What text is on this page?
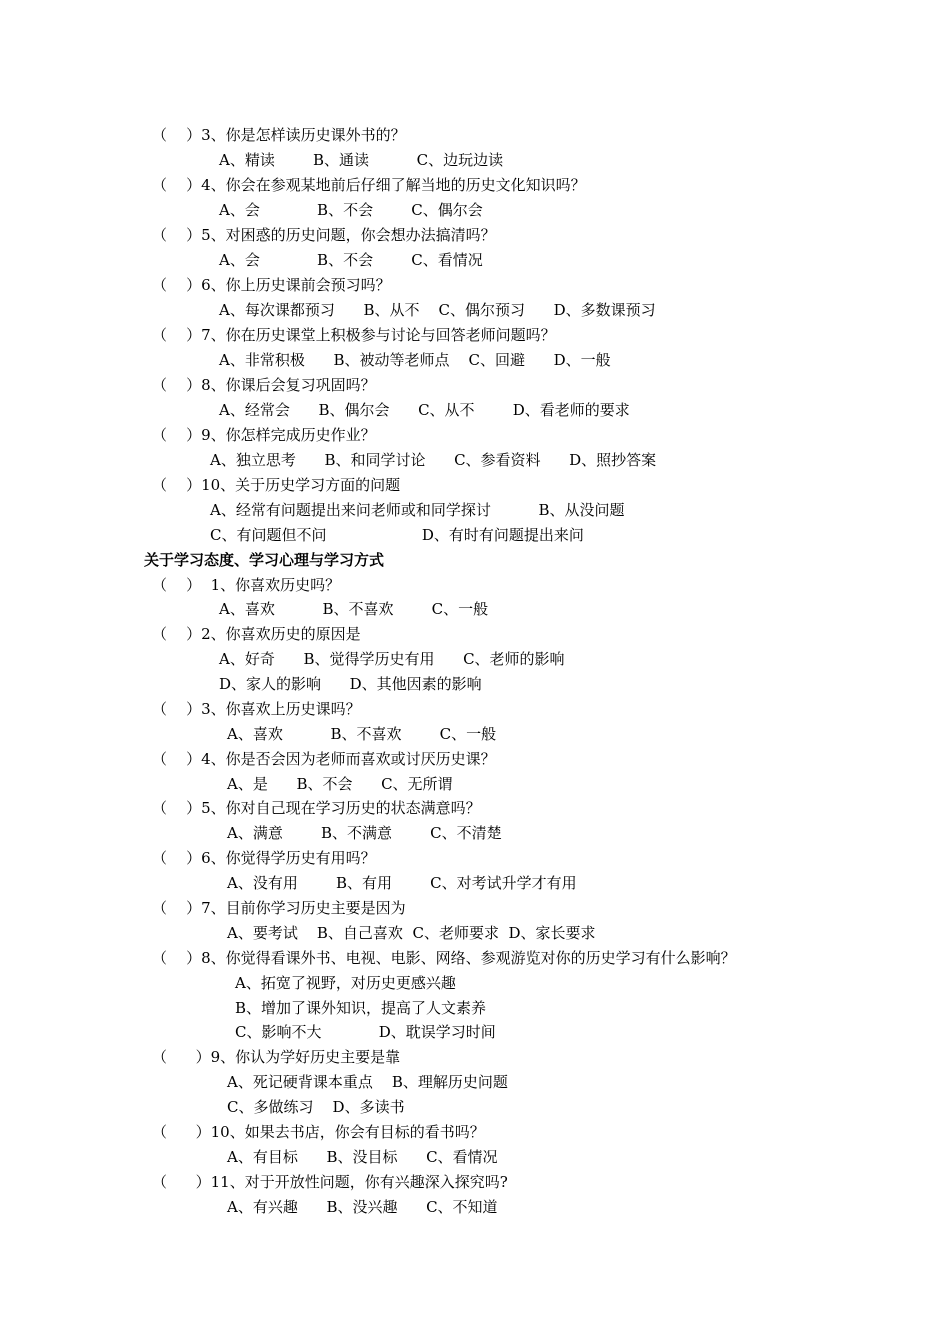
（    ）3、你是怎样读历史课外书的？
A、精读        B、通读          C、边玩边读
（    ）4、你会在参观某地前后仔细了解当地的历史文化知识吗？
A、会            B、不会        C、偶尔会
（    ）5、对困惑的历史问题，你会想办法搞清吗？
A、会            B、不会        C、看情况
（    ）6、你上历史课前会预习吗？
A、每次课都预习      B、从不    C、偶尔预习      D、多数课预习
（    ）7、你在历史课堂上积极参与讨论与回答老师问题吗？
A、非常积极      B、被动等老师点    C、回避      D、一般
（    ）8、你课后会复习巩固吗？
A、经常会      B、偶尔会      C、从不        D、看老师的要求
（    ）9、你怎样完成历史作业？
A、独立思考      B、和同学讨论      C、参看资料      D、照抄答案
（    ）10、关于历史学习方面的问题
A、经常有问题提出来问老师或和同学探讨          B、从没问题
C、有问题但不问                    D、有时有问题提出来问
关于学习态度、学习心理与学习方式
（    ）  1、你喜欢历史吗？
A、喜欢          B、不喜欢        C、一般
（    ）2、你喜欢历史的原因是
A、好奇      B、觉得学历史有用      C、老师的影响
D、家人的影响      D、其他因素的影响
（    ）3、你喜欢上历史课吗？
A、喜欢          B、不喜欢        C、一般
（    ）4、你是否会因为老师而喜欢或讨厌历史课？
A、是      B、不会      C、无所谓
（    ）5、你对自己现在学习历史的状态满意吗？
A、满意        B、不满意        C、不清楚
（    ）6、你觉得学历史有用吗？
A、没有用        B、有用        C、对考试升学才有用
（    ）7、目前你学习历史主要是因为
A、要考试    B、自己喜欢  C、老师要求  D、家长要求
（    ）8、你觉得看课外书、电视、电影、网络、参观游览对你的历史学习有什么影响？
A、拓宽了视野，对历史更感兴趣
B、增加了课外知识，提高了人文素养
C、影响不大            D、耽误学习时间
（      ）9、你认为学好历史主要是靠
A、死记硬背课本重点    B、理解历史问题
C、多做练习    D、多读书
（      ）10、如果去书店，你会有目标的看书吗？
A、有目标      B、没目标      C、看情况
（      ）11、对于开放性问题，你有兴趣深入探究吗?
A、有兴趣      B、没兴趣      C、不知道
